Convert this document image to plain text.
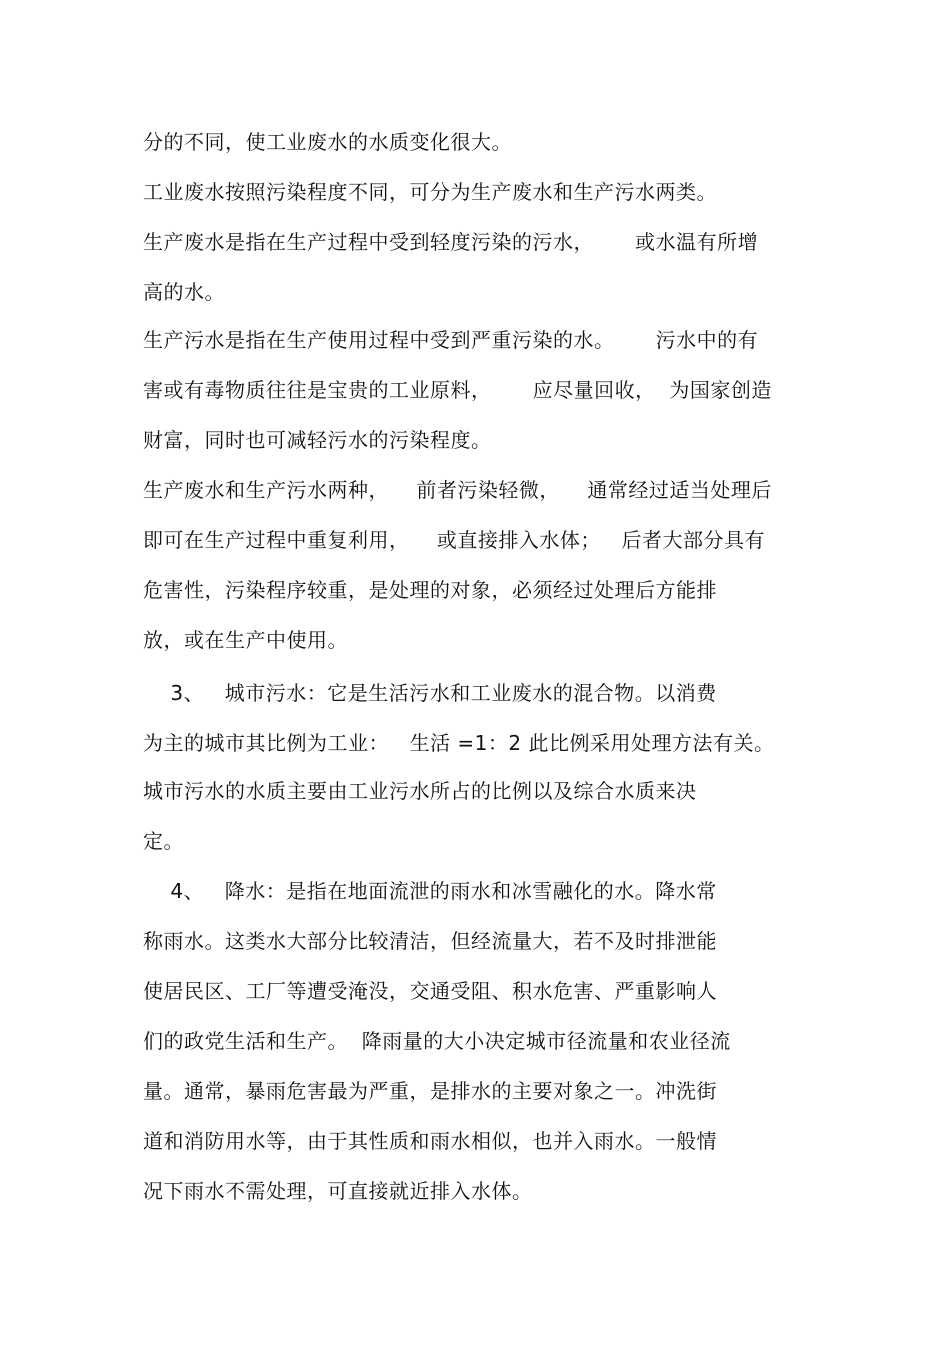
分的不同，使工业废水的水质变化很大。
工业废水按照污染程度不同，可分为生产废水和生产污水两类。
生产废水是指在生产过程中受到轻度污染的污水，      或水温有所增
高的水。
生产污水是指在生产使用过程中受到严重污染的水。      污水中的有
害或有毒物质往往是宝贵的工业原料，      应尽量回收，  为国家创造
财富，同时也可减轻污水的污染程度。
生产废水和生产污水两种，    前者污染轻微，    通常经过适当处理后
即可在生产过程中重复利用，    或直接排入水体；   后者大部分具有
危害性，污染程序较重，是处理的对象，必须经过处理后方能排
放，或在生产中使用。
3、   城市污水：它是生活污水和工业废水的混合物。以消费
为主的城市其比例为工业：   生活 =1：2 此比例采用处理方法有关。
城市污水的水质主要由工业污水所占的比例以及综合水质来决
定。
4、   降水：是指在地面流泄的雨水和冰雪融化的水。降水常
称雨水。这类水大部分比较清洁，但经流量大，若不及时排泄能
使居民区、工厂等遭受淹没，交通受阻、积水危害、严重影响人
们的政党生活和生产。  降雨量的大小决定城市径流量和农业径流
量。通常，暴雨危害最为严重，是排水的主要对象之一。冲洗街
道和消防用水等，由于其性质和雨水相似，也并入雨水。一般情
况下雨水不需处理，可直接就近排入水体。
